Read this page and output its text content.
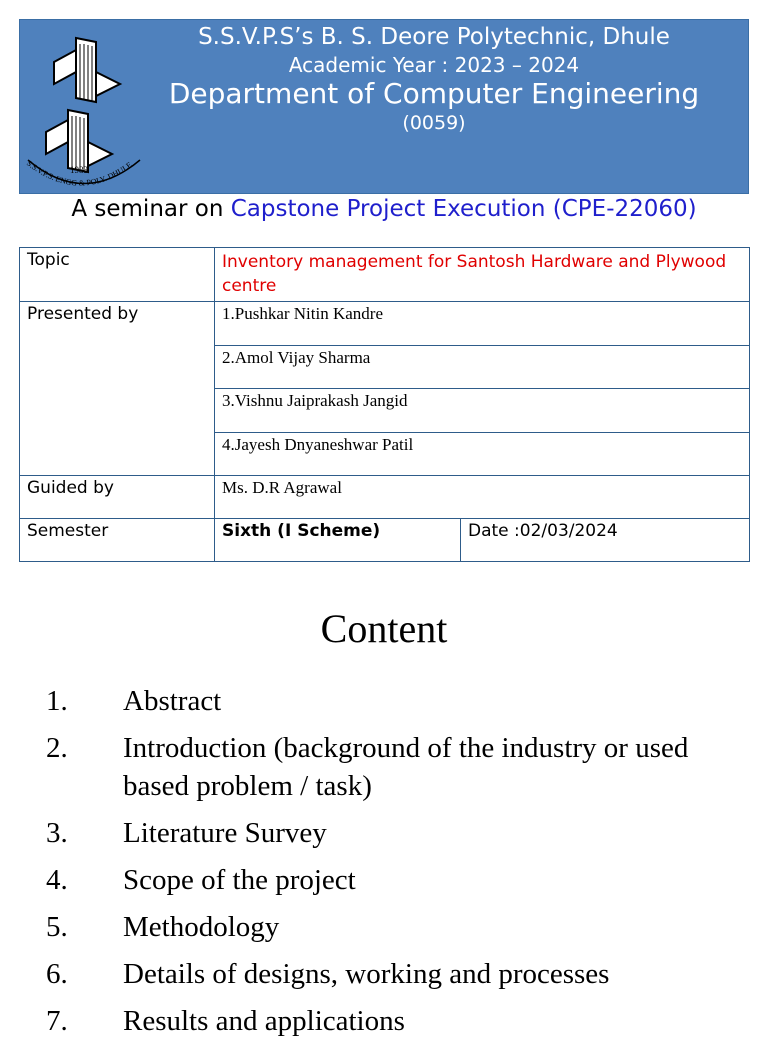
S.S.V.P.S. ENGG & POLY. DHULE
1983
S.S.V.P.S’s B. S. Deore Polytechnic, Dhule
Academic Year : 2023 – 2024
Department of Computer Engineering
(0059)
A seminar on Capstone Project Execution (CPE-22060)
Topic	Inventory management for Santosh Hardware and Plywood centre	
Presented by	1.Pushkar Nitin Kandre	
	2.Amol Vijay Sharma	
	3.Vishnu Jaiprakash Jangid	
	4.Jayesh Dnyaneshwar Patil	
Guided by	Ms. D.R Agrawal	
Semester	Sixth (I Scheme)	Date :02/03/2024
Content
1. Abstract
2. Introduction (background of the industry or used based problem / task)
3. Literature Survey
4. Scope of the project
5. Methodology
6. Details of designs, working and processes
7. Results and applications
